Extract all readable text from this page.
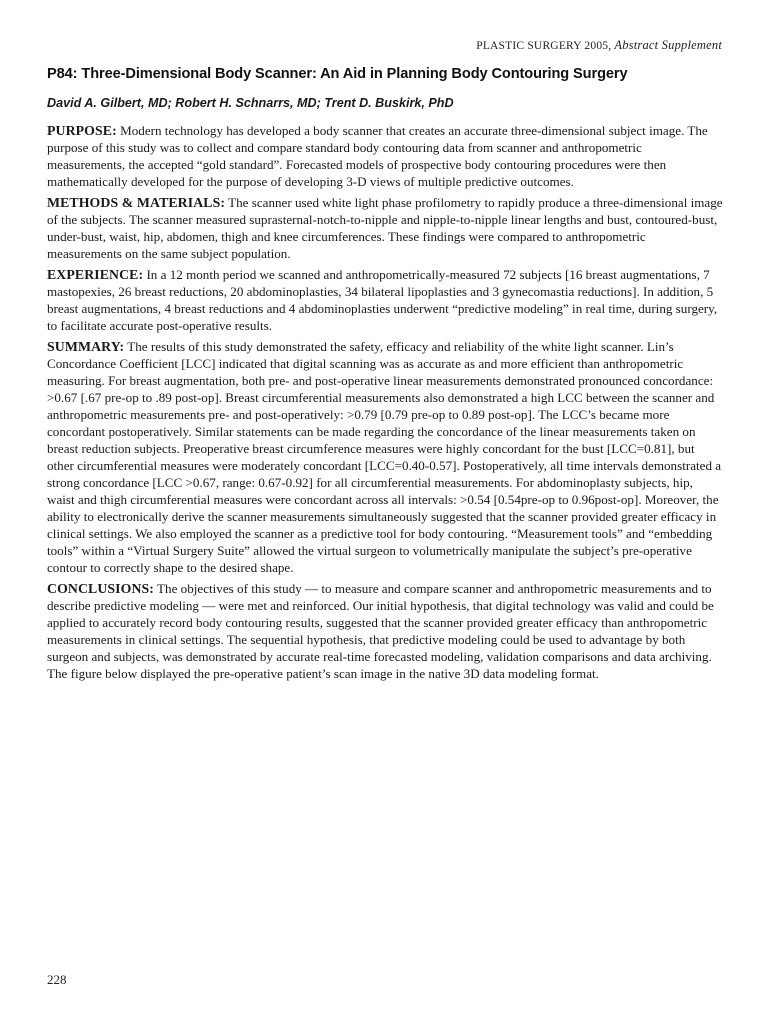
PLASTIC SURGERY 2005, Abstract Supplement
P84: Three-Dimensional Body Scanner: An Aid in Planning Body Contouring Surgery
David A. Gilbert, MD; Robert H. Schnarrs, MD; Trent D. Buskirk, PhD

PURPOSE: Modern technology has developed a body scanner that creates an accurate three-dimensional subject image. The purpose of this study was to collect and compare standard body contouring data from scanner and anthropometric measurements, the accepted “gold standard”. Forecasted models of prospective body contouring procedures were then mathematically developed for the purpose of developing 3-D views of multiple predictive outcomes.

METHODS & MATERIALS: The scanner used white light phase profilometry to rapidly produce a three-dimensional image of the subjects. The scanner measured suprasternal-notch-to-nipple and nipple-to-nipple linear lengths and bust, contoured-bust, under-bust, waist, hip, abdomen, thigh and knee circumferences. These findings were compared to anthropometric measurements on the same subject population.

EXPERIENCE: In a 12 month period we scanned and anthropometrically-measured 72 subjects [16 breast augmentations, 7 mastopexies, 26 breast reductions, 20 abdominoplasties, 34 bilateral lipoplasties and 3 gynecomastia reductions]. In addition, 5 breast augmentations, 4 breast reductions and 4 abdominoplasties underwent “predictive modeling” in real time, during surgery, to facilitate accurate post-operative results.

SUMMARY: The results of this study demonstrated the safety, efficacy and reliability of the white light scanner. Lin’s Concordance Coefficient [LCC] indicated that digital scanning was as accurate as and more efficient than anthropometric measuring. For breast augmentation, both pre- and post-operative linear measurements demonstrated pronounced concordance: >0.67 [.67 pre-op to .89 post-op]. Breast circumferential measurements also demonstrated a high LCC between the scanner and anthropometric measurements pre- and post-operatively: >0.79 [0.79 pre-op to 0.89 post-op]. The LCC’s became more concordant postoperatively. Similar statements can be made regarding the concordance of the linear measurements taken on breast reduction subjects. Preoperative breast circumference measures were highly concordant for the bust [LCC=0.81], but other circumferential measures were moderately concordant [LCC=0.40-0.57]. Postoperatively, all time intervals demonstrated a strong concordance [LCC >0.67, range: 0.67-0.92] for all circumferential measurements. For abdominoplasty subjects, hip, waist and thigh circumferential measures were concordant across all intervals: >0.54 [0.54pre-op to 0.96post-op]. Moreover, the ability to electronically derive the scanner measurements simultaneously suggested that the scanner provided greater efficacy in clinical settings. We also employed the scanner as a predictive tool for body contouring. “Measurement tools” and “embedding tools” within a “Virtual Surgery Suite” allowed the virtual surgeon to volumetrically manipulate the subject’s pre-operative contour to correctly shape to the desired shape.

CONCLUSIONS: The objectives of this study — to measure and compare scanner and anthropometric measurements and to describe predictive modeling — were met and reinforced. Our initial hypothesis, that digital technology was valid and could be applied to accurately record body contouring results, suggested that the scanner provided greater efficacy than anthropometric measurements in clinical settings. The sequential hypothesis, that predictive modeling could be used to advantage by both surgeon and subjects, was demonstrated by accurate real-time forecasted modeling, validation comparisons and data archiving. The figure below displayed the pre-operative patient’s scan image in the native 3D data modeling format.

228
